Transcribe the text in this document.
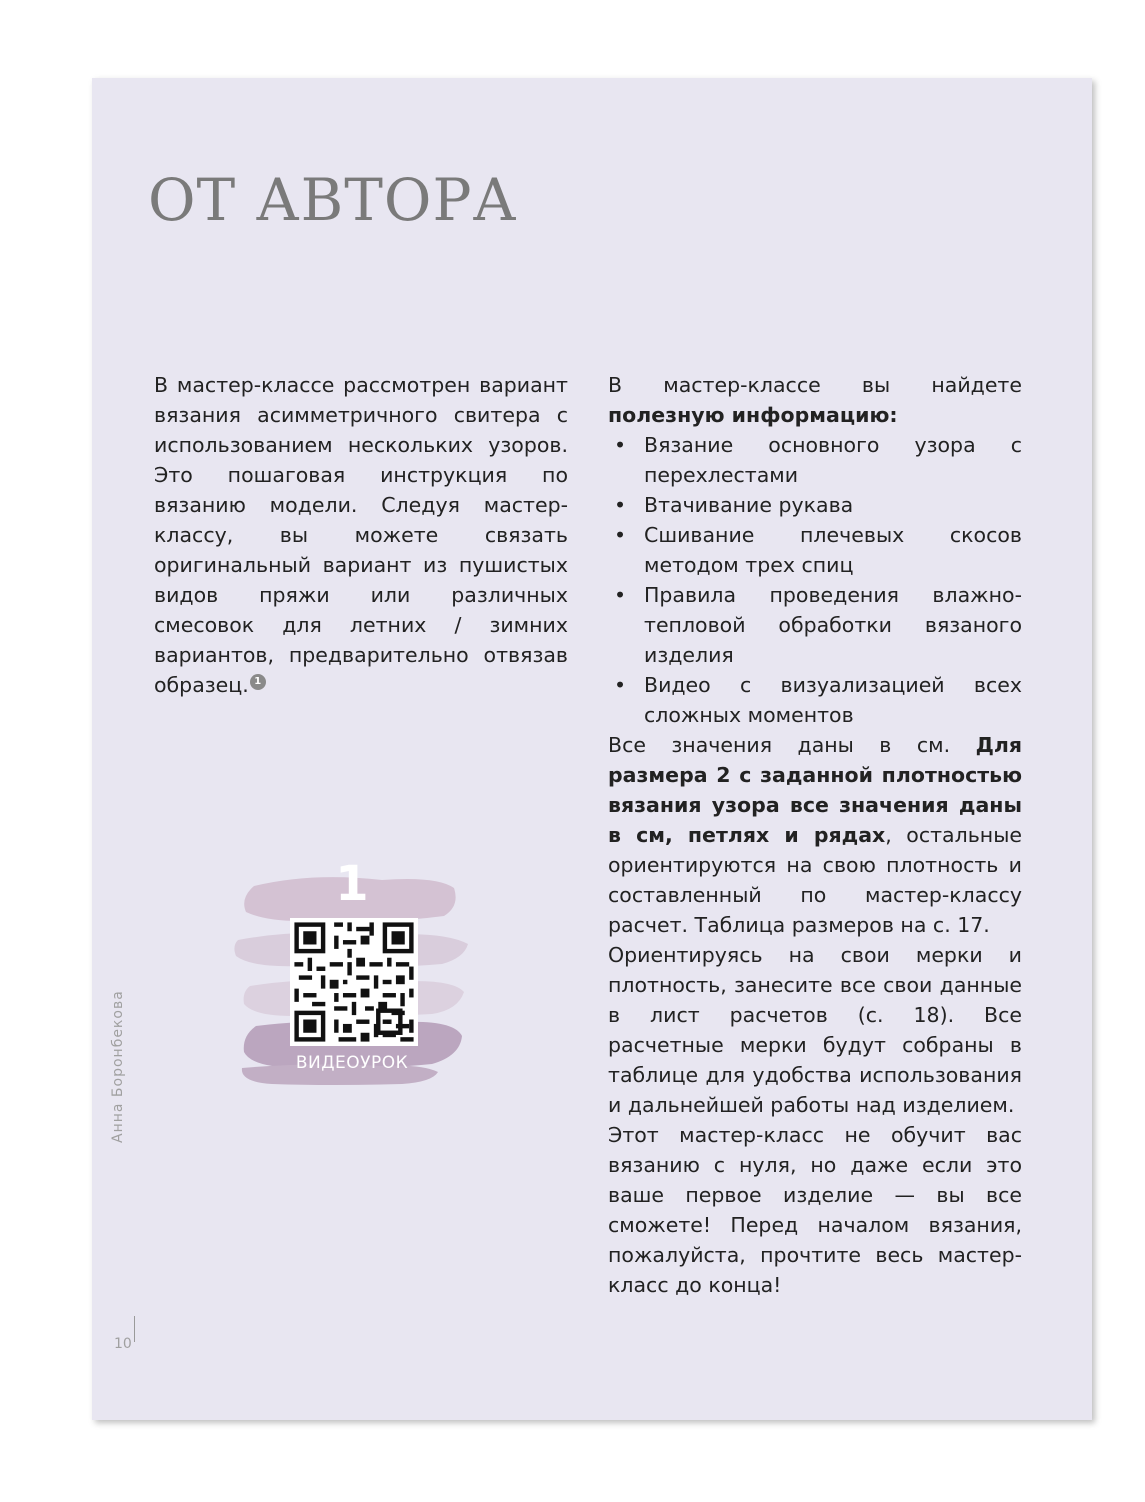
ОТ АВТОРА

В мастер-классе рассмотрен вариант вязания асимметричного свитера с использованием нескольких узоров. Это пошаговая инструкция по вязанию модели. Следуя мастер-классу, вы можете связать оригинальный вариант из пушистых видов пряжи или различных смесовок для летних / зимних вариантов, предварительно отвязав образец. 1

1
ВИДЕОУРОК

В мастер-классе вы найдете полезную информацию:

• Вязание основного узора с перехлестами
• Втачивание рукава
• Сшивание плечевых скосов методом трех спиц
• Правила проведения влажно-тепловой обработки вязаного изделия
• Видео с визуализацией всех сложных моментов

Все значения даны в см. Для размера 2 с заданной плотностью вязания узора все значения даны в см, петлях и рядах, остальные ориентируются на свою плотность и составленный по мастер-классу расчет. Таблица размеров на с. 17.

Ориентируясь на свои мерки и плотность, занесите все свои данные в лист расчетов (с. 18). Все расчетные мерки будут собраны в таблице для удобства использования и дальнейшей работы над изделием.

Этот мастер-класс не обучит вас вязанию с нуля, но даже если это ваше первое изделие — вы все сможете! Перед началом вязания, пожалуйста, прочтите весь мастер-класс до конца!

Анна Боронбекова
10
